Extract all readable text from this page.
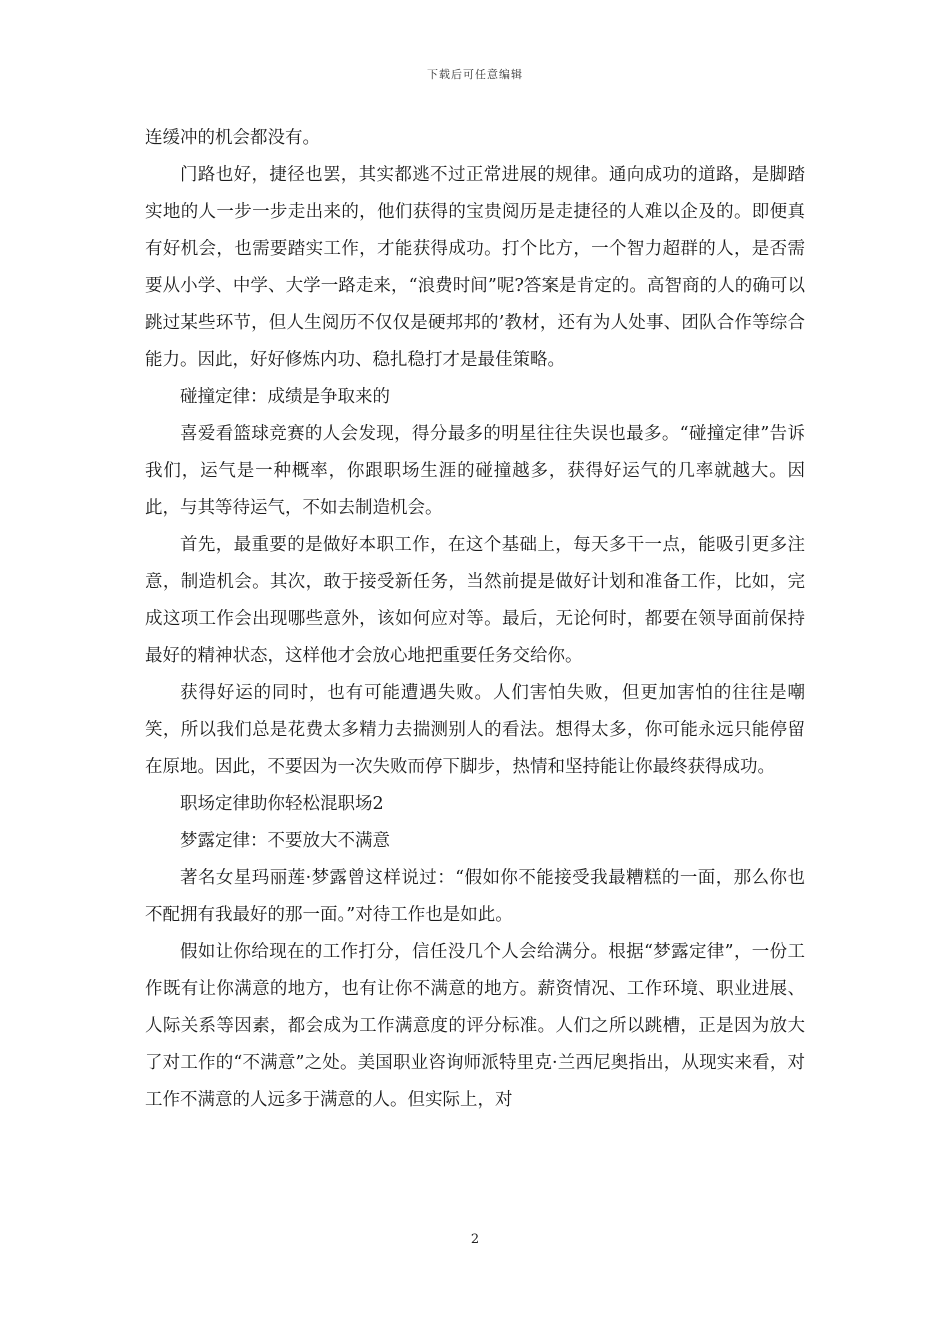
下载后可任意编辑

连缓冲的机会都没有。

门路也好，捷径也罢，其实都逃不过正常进展的规律。通向成功的道路，是脚踏实地的人一步一步走出来的，他们获得的宝贵阅历是走捷径的人难以企及的。即便真有好机会，也需要踏实工作，才能获得成功。打个比方，一个智力超群的人，是否需要从小学、中学、大学一路走来，“浪费时间”呢?答案是肯定的。高智商的人的确可以跳过某些环节，但人生阅历不仅仅是硬邦邦的’教材，还有为人处事、团队合作等综合能力。因此，好好修炼内功、稳扎稳打才是最佳策略。

碰撞定律：成绩是争取来的

喜爱看篮球竞赛的人会发现，得分最多的明星往往失误也最多。“碰撞定律”告诉我们，运气是一种概率，你跟职场生涯的碰撞越多，获得好运气的几率就越大。因此，与其等待运气，不如去制造机会。

首先，最重要的是做好本职工作，在这个基础上，每天多干一点，能吸引更多注意，制造机会。其次，敢于接受新任务，当然前提是做好计划和准备工作，比如，完成这项工作会出现哪些意外，该如何应对等。最后，无论何时，都要在领导面前保持最好的精神状态，这样他才会放心地把重要任务交给你。

获得好运的同时，也有可能遭遇失败。人们害怕失败，但更加害怕的往往是嘲笑，所以我们总是花费太多精力去揣测别人的看法。想得太多，你可能永远只能停留在原地。因此，不要因为一次失败而停下脚步，热情和坚持能让你最终获得成功。

职场定律助你轻松混职场2

梦露定律：不要放大不满意

著名女星玛丽莲·梦露曾这样说过：“假如你不能接受我最糟糕的一面，那么你也不配拥有我最好的那一面。”对待工作也是如此。

假如让你给现在的工作打分，信任没几个人会给满分。根据“梦露定律”，一份工作既有让你满意的地方，也有让你不满意的地方。薪资情况、工作环境、职业进展、人际关系等因素，都会成为工作满意度的评分标准。人们之所以跳槽，正是因为放大了对工作的“不满意”之处。美国职业咨询师派特里克·兰西尼奥指出，从现实来看，对工作不满意的人远多于满意的人。但实际上，对

2
